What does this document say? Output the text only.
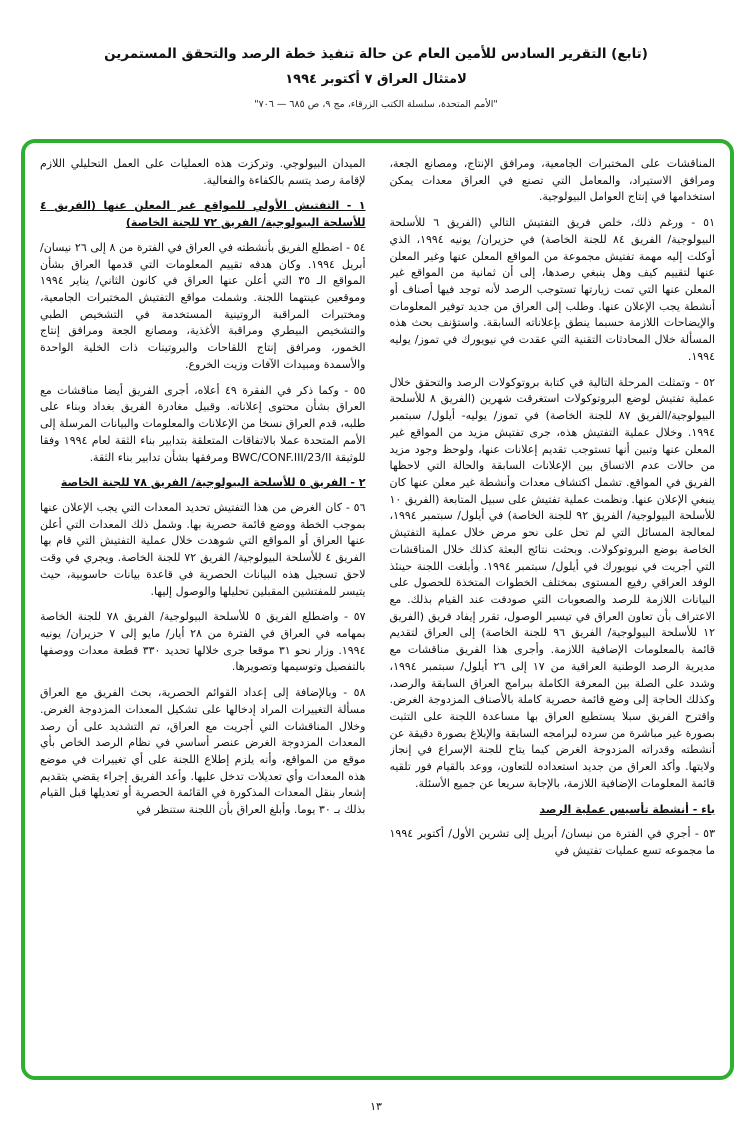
(تابع) التقرير السادس للأمين العام عن حالة تنفيذ خطة الرصد والتحقق المستمرين
لامتثال العراق ٧ أكتوبر ١٩٩٤
"الأمم المتحدة، سلسلة الكتب الزرقاء، مج ٩، ص ٦٨٥ — ٧٠٦"

المناقشات على المختبرات الجامعية، ومرافق الإنتاج، ومصانع الجعة، ومرافق الاستيراد، والمعامل التي تصنع في العراق معدات يمكن استخدامها في إنتاج العوامل البيولوجية.

٥١ - ورغم ذلك، خلص فريق التفتيش التالي (الفريق ٦ للأسلحة البيولوجية/ الفريق ٨٤ للجنة الخاصة) في حزيران/ يونيه ١٩٩٤، الذي أوكلت إليه مهمة تفتيش مجموعة من المواقع المعلن عنها وغير المعلن عنها لتقييم كيف وهل ينبغي رصدها، إلى أن ثمانية من المواقع غير المعلن عنها التي تمت زيارتها تستوجب الرصد لأنه توجد فيها أصناف أو أنشطة يجب الإعلان عنها. وطلب إلى العراق من جديد توفير المعلومات والإيضاحات اللازمة حسبما ينطق بإعلاناته السابقة. واستؤنف بحث هذه المسألة خلال المحادثات التقنية التي عقدت في نيويورك في تموز/ يوليه ١٩٩٤.

٥٢ - وتمثلت المرحلة التالية في كتابة بروتوكولات الرصد والتحقق خلال عملية تفتيش لوضع البروتوكولات استغرقت شهرين (الفريق ٨ للأسلحة البيولوجية/الفريق ٨٧ للجنة الخاصة) في تموز/ يوليه- أيلول/ سبتمبر ١٩٩٤. وخلال عملية التفتيش هذه، جرى تفتيش مزيد من المواقع غير المعلن عنها وتبين أنها تستوجب تقديم إعلانات عنها، ولوحظ وجود مزيد من حالات عدم الاتساق بين الإعلانات السابقة والحالة التي لاحظها الفريق في المواقع. تشمل اكتشاف معدات وأنشطة غير معلن عنها كان ينبغي الإعلان عنها. ونظمت عملية تفتيش على سبيل المتابعة (الفريق ١٠ للأسلحة البيولوجية/ الفريق ٩٢ للجنة الخاصة) في أيلول/ سبتمبر ١٩٩٤، لمعالجة المسائل التي لم تحل على نحو مرض خلال عملية التفتيش الخاصة بوضع البروتوكولات. وبحثت نتائج البعثة كذلك خلال المناقشات التي أجريت في نيويورك في أيلول/ سبتمبر ١٩٩٤. وأبلغت اللجنة حينئذ الوفد العراقي رفيع المستوى بمختلف الخطوات المتخذة للحصول على البيانات اللازمة للرصد والصعوبات التي صودفت عند القيام بذلك. مع الاعتراف بأن تعاون العراق في تيسير الوصول، تقرر إيفاد فريق (الفريق ١٢ للأسلحة البيولوجية/ الفريق ٩٦ للجنة الخاصة) إلى العراق لتقديم قائمة بالمعلومات الإضافية اللازمة. وأجرى هذا الفريق مناقشات مع مديرية الرصد الوطنية العراقية من ١٧ إلى ٢٦ أيلول/ سبتمبر ١٩٩٤، وشدد على الصلة بين المعرفة الكاملة ببرامج العراق السابقة والرصد، وكذلك الحاجة إلى وضع قائمة حصرية كاملة بالأصناف المزدوجة الغرض. واقترح الفريق سبلا يستطيع العراق بها مساعدة اللجنة على التثبت بصورة غير مباشرة من سرده لبرامجه السابقة والإبلاغ بصورة دقيقة عن أنشطته وقدراته المزدوجة الغرض كيما يتاح للجنة الإسراع في إنجاز ولايتها. وأكد العراق من جديد استعداده للتعاون، ووعد بالقيام فور تلقيه قائمة المعلومات الإضافية اللازمة، بالإجابة سريعا عن جميع الأسئلة.

باء - أنشطة تأسيس عملية الرصد

٥٣ - أجري في الفترة من نيسان/ أبريل إلى تشرين الأول/ أكتوبر ١٩٩٤ ما مجموعه تسع عمليات تفتيش في

الميدان البيولوجي. وتركزت هذه العمليات على العمل التحليلي اللازم لإقامة رصد يتسم بالكفاءة والفعالية.

١ - التفتيش الأولي للمواقع غير المعلن عنها (الفريق ٤ للأسلحة البيولوجية/ الفريق ٧٢ للجنة الخاصة)

٥٤ - اضطلع الفريق بأنشطته في العراق في الفترة من ٨ إلى ٢٦ نيسان/ أبريل ١٩٩٤. وكان هدفه تقييم المعلومات التي قدمها العراق بشأن المواقع الـ ٣٥ التي أعلن عنها العراق في كانون الثاني/ يناير ١٩٩٤ وموقعين عينتهما اللجنة. وشملت مواقع التفتيش المختبرات الجامعية، ومختبرات المراقبة الروتينية المستخدمة في التشخيص الطبي والتشخيص البيطري ومراقبة الأغذية، ومصانع الجعة ومرافق إنتاج الخمور، ومرافق إنتاج اللقاحات والبروتينات ذات الخلية الواحدة والأسمدة ومبيدات الآفات وزيت الخروع.

٥٥ - وكما ذكر في الفقرة ٤٩ أعلاه، أجرى الفريق أيضا مناقشات مع العراق بشأن محتوى إعلاناته. وقبيل مغادرة الفريق بغداد وبناء على طلبه، قدم العراق نسخا من الإعلانات والمعلومات والبيانات المرسلة إلى الأمم المتحدة عملا بالاتفاقات المتعلقة بتدابير بناء الثقة لعام ١٩٩٤ وفقا للوثيقة BWC/CONF.III/23/II ومرفقها بشأن تدابير بناء الثقة.

٢ - الفريق ٥ للأسلحة البيولوجية/ الفريق ٧٨ للجنة الخاصة

٥٦ - كان الغرض من هذا التفتيش تحديد المعدات التي يجب الإعلان عنها بموجب الخطة ووضع قائمة حصرية بها. وشمل ذلك المعدات التي أعلن عنها العراق أو المواقع التي شوهدت خلال عملية التفتيش التي قام بها الفريق ٤ للأسلحة البيولوجية/ الفريق ٧٢ للجنة الخاصة. ويجري في وقت لاحق تسجيل هذه البيانات الحصرية في قاعدة بيانات حاسوبية، حيث يتيسر للمفتشين المقبلين تحليلها والوصول إليها.

٥٧ - واضطلع الفريق ٥ للأسلحة البيولوجية/ الفريق ٧٨ للجنة الخاصة بمهامه في العراق في الفترة من ٢٨ أيار/ مايو إلى ٧ حزيران/ يونيه ١٩٩٤. وزار نحو ٣١ موقعا جرى خلالها تحديد ٣٣٠ قطعة معدات ووصفها بالتفصيل وتوسيمها وتصويرها.

٥٨ - وبالإضافة إلى إعداد القوائم الحصرية، بحث الفريق مع العراق مسألة التغييرات المراد إدخالها على تشكيل المعدات المزدوجة الغرض. وخلال المناقشات التي أجريت مع العراق، تم التشديد على أن رصد المعدات المزدوجة الغرض عنصر أساسي في نظام الرصد الخاص بأي موقع من المواقع، وأنه يلزم إطلاع اللجنة على أي تغييرات في موضع هذه المعدات وأي تعديلات تدخل عليها. وأعد الفريق إجراء يقضي بتقديم إشعار بنقل المعدات المذكورة في القائمة الحصرية أو تعديلها قبل القيام بذلك بـ ٣٠ يوما. وأبلغ العراق بأن اللجنة ستنظر في

١٣
